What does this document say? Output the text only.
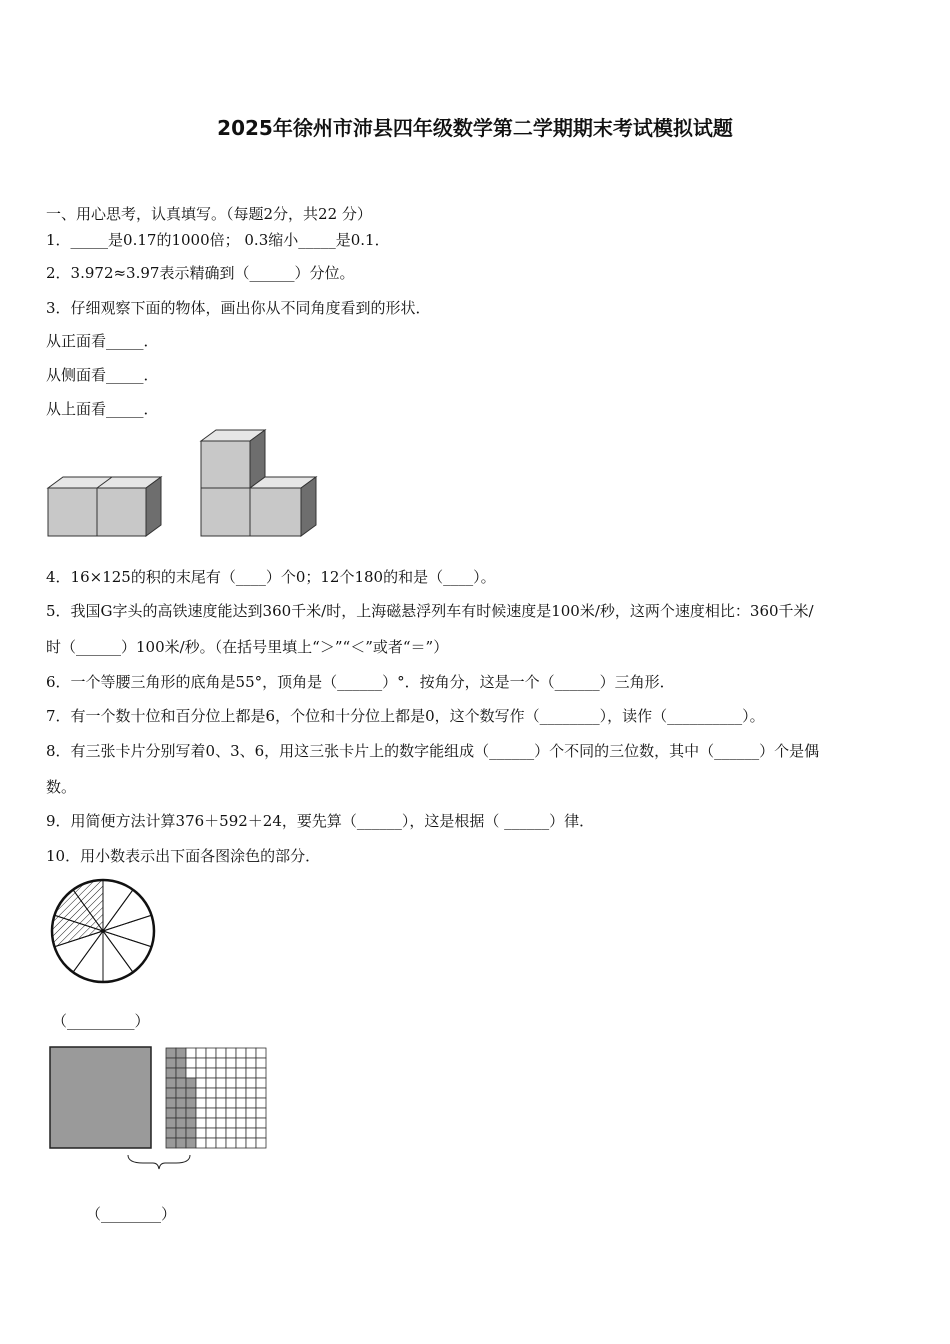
2025年徐州市沛县四年级数学第二学期期末考试模拟试题
一、用心思考，认真填写。（每题2分，共22 分）
1．_____是0.17的1000倍； 0.3缩小_____是0.1．
2．3.972≈3.97表示精确到（______）分位。
3．仔细观察下面的物体，画出你从不同角度看到的形状．
从正面看_____．
从侧面看_____．
从上面看_____．
4．16×125的积的末尾有（____）个0；12个180的和是（____）。
5．我国G字头的高铁速度能达到360千米/时，上海磁悬浮列车有时候速度是100米/秒，这两个速度相比：360千米/
时（______）100米/秒。（在括号里填上“＞”“＜”或者“＝”）
6．一个等腰三角形的底角是55°，顶角是（______）°．按角分，这是一个（______）三角形．
7．有一个数十位和百分位上都是6，个位和十分位上都是0，这个数写作（________），读作（__________）。
8．有三张卡片分别写着0、3、6，用这三张卡片上的数字能组成（______）个不同的三位数，其中（______）个是偶
数。
9．用简便方法计算376＋592＋24，要先算（______），这是根据（ ______）律．
10．用小数表示出下面各图涂色的部分．
（_________）
（________）
